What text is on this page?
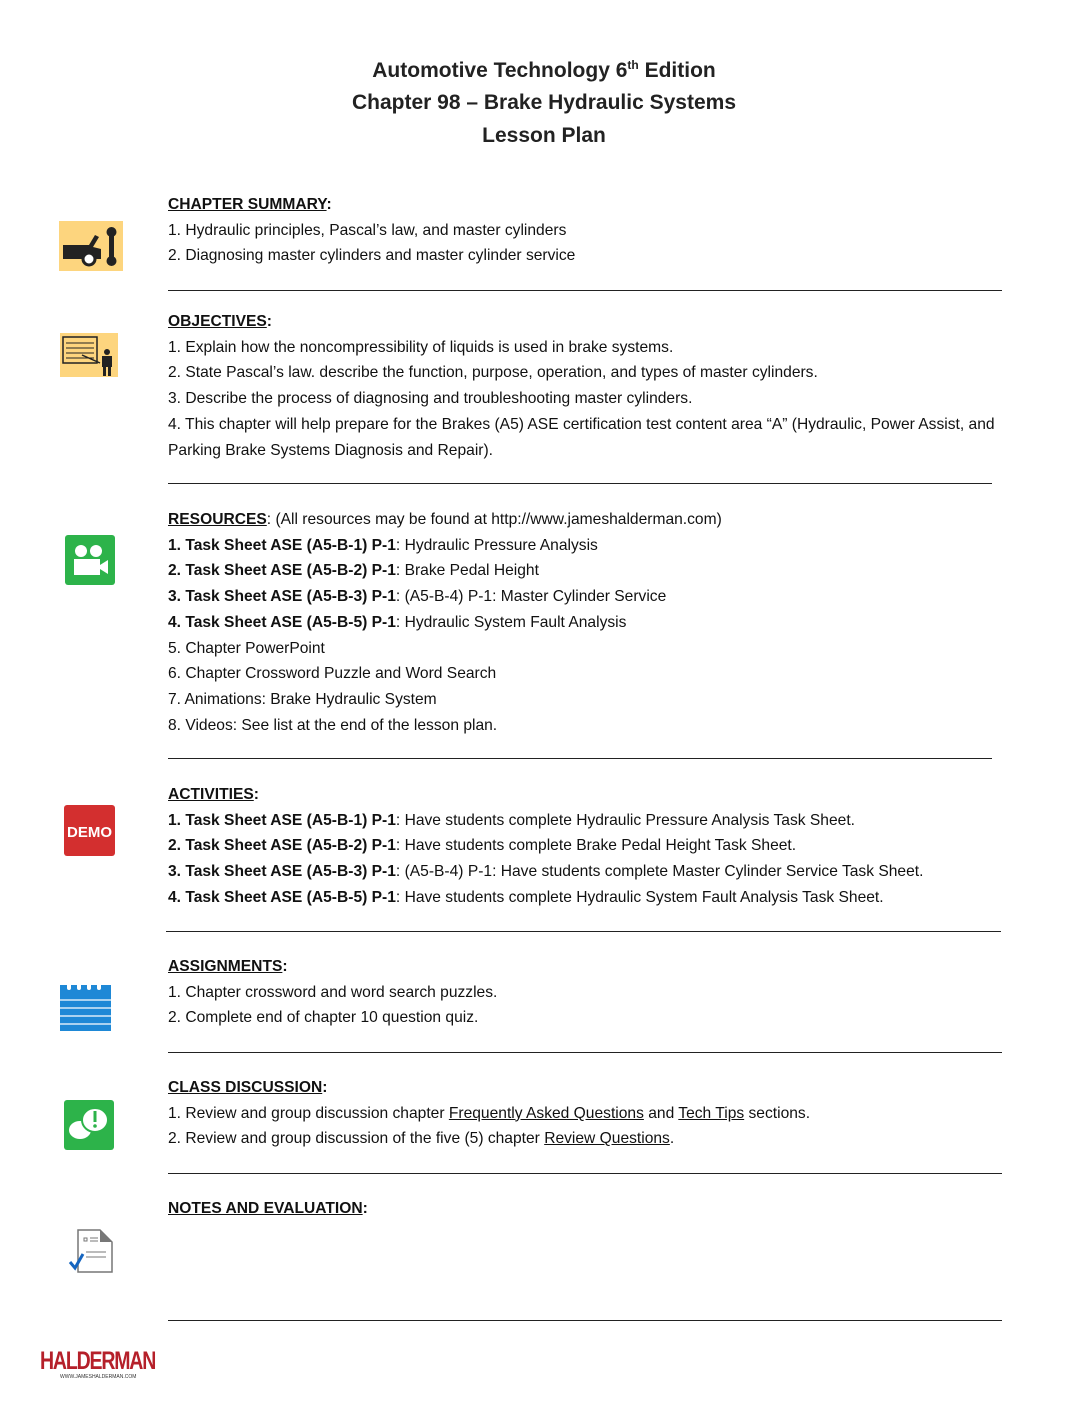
Automotive Technology 6th Edition
Chapter 98 – Brake Hydraulic Systems
Lesson Plan
DEMO
HALDERMAN
WWW.JAMESHALDERMAN.COM
CHAPTER SUMMARY:
1. Hydraulic principles, Pascal’s law, and master cylinders
2. Diagnosing master cylinders and master cylinder service
OBJECTIVES:
1. Explain how the noncompressibility of liquids is used in brake systems.
2. State Pascal’s law. describe the function, purpose, operation, and types of master cylinders.
3. Describe the process of diagnosing and troubleshooting master cylinders.
4. This chapter will help prepare for the Brakes (A5) ASE certification test content area “A” (Hydraulic, Power Assist, and Parking Brake Systems Diagnosis and Repair).
RESOURCES: (All resources may be found at http://www.jameshalderman.com)
1. Task Sheet ASE (A5-B-1) P-1: Hydraulic Pressure Analysis
2. Task Sheet ASE (A5-B-2) P-1: Brake Pedal Height
3. Task Sheet ASE (A5-B-3) P-1: (A5-B-4) P-1: Master Cylinder Service
4. Task Sheet ASE (A5-B-5) P-1: Hydraulic System Fault Analysis
5. Chapter PowerPoint
6. Chapter Crossword Puzzle and Word Search
7. Animations: Brake Hydraulic System
8. Videos: See list at the end of the lesson plan.
ACTIVITIES:
1. Task Sheet ASE (A5-B-1) P-1: Have students complete Hydraulic Pressure Analysis Task Sheet.
2. Task Sheet ASE (A5-B-2) P-1: Have students complete Brake Pedal Height Task Sheet.
3. Task Sheet ASE (A5-B-3) P-1: (A5-B-4) P-1: Have students complete Master Cylinder Service Task Sheet.
4. Task Sheet ASE (A5-B-5) P-1: Have students complete Hydraulic System Fault Analysis Task Sheet.
ASSIGNMENTS:
1. Chapter crossword and word search puzzles.
2. Complete end of chapter 10 question quiz.
CLASS DISCUSSION:
1. Review and group discussion chapter Frequently Asked Questions and Tech Tips sections.
2. Review and group discussion of the five (5) chapter Review Questions.
NOTES AND EVALUATION:
